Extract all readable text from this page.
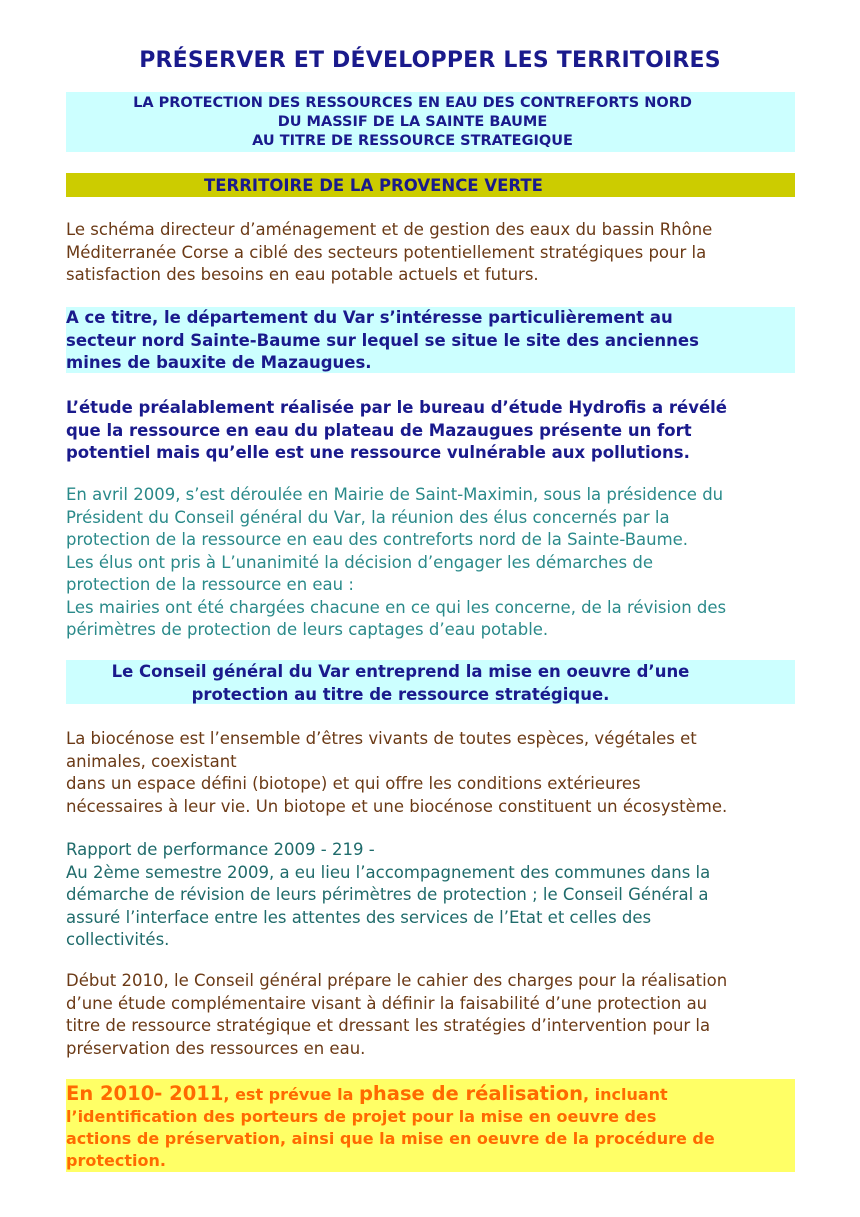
PRÉSERVER ET DÉVELOPPER LES TERRITOIRES
LA PROTECTION DES RESSOURCES EN EAU DES CONTREFORTS NORD
DU MASSIF DE LA SAINTE BAUME
AU TITRE DE RESSOURCE STRATEGIQUE
TERRITOIRE DE LA PROVENCE VERTE
Le schéma directeur d’aménagement et de gestion des eaux du bassin Rhône
Méditerranée Corse a ciblé des secteurs potentiellement stratégiques pour la
satisfaction des besoins en eau potable actuels et futurs.
A ce titre, le département du Var s’intéresse particulièrement au
secteur nord Sainte-Baume sur lequel se situe le site des anciennes
mines de bauxite de Mazaugues.
L’étude préalablement réalisée par le bureau d’étude Hydrofis a révélé
que la ressource en eau du plateau de Mazaugues présente un fort
potentiel mais qu’elle est une ressource vulnérable aux pollutions.
En avril 2009, s’est déroulée en Mairie de Saint-Maximin, sous la présidence du
Président du Conseil général du Var, la réunion des élus concernés par la
protection de la ressource en eau des contreforts nord de la Sainte-Baume.
Les élus ont pris à L’unanimité la décision d’engager les démarches de
protection de la ressource en eau :
Les mairies ont été chargées chacune en ce qui les concerne, de la révision des
périmètres de protection de leurs captages d’eau potable.
Le Conseil général du Var entreprend la mise en oeuvre d’une
protection au titre de ressource stratégique.
La biocénose est l’ensemble d’êtres vivants de toutes espèces, végétales et
animales, coexistant
dans un espace défini (biotope) et qui offre les conditions extérieures
nécessaires à leur vie. Un biotope et une biocénose constituent un écosystème.
Rapport de performance 2009 - 219 -
Au 2ème semestre 2009, a eu lieu l’accompagnement des communes dans la
démarche de révision de leurs périmètres de protection ; le Conseil Général a
assuré l’interface entre les attentes des services de l’Etat et celles des
collectivités.
Début 2010, le Conseil général prépare le cahier des charges pour la réalisation
d’une étude complémentaire visant à définir la faisabilité d’une protection au
titre de ressource stratégique et dressant les stratégies d’intervention pour la
préservation des ressources en eau.
En 2010- 2011, est prévue la phase de réalisation, incluant
l’identification des porteurs de projet pour la mise en oeuvre des
actions de préservation, ainsi que la mise en oeuvre de la procédure de
protection.
